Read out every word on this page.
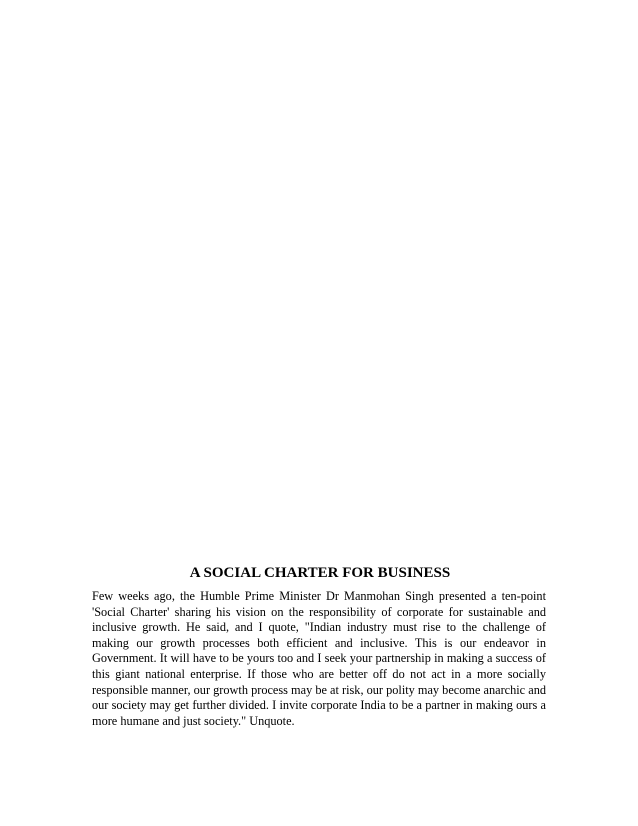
A SOCIAL CHARTER FOR BUSINESS

Few weeks ago, the Humble Prime Minister Dr Manmohan Singh presented a ten-point 'Social Charter' sharing his vision on the responsibility of corporate for sustainable and inclusive growth. He said, and I quote, "Indian industry must rise to the challenge of making our growth processes both efficient and inclusive. This is our endeavor in Government. It will have to be yours too and I seek your partnership in making a success of this giant national enterprise. If those who are better off do not act in a more socially responsible manner, our growth process may be at risk, our polity may become anarchic and our society may get further divided. I invite corporate India to be a partner in making ours a more humane and just society." Unquote.
